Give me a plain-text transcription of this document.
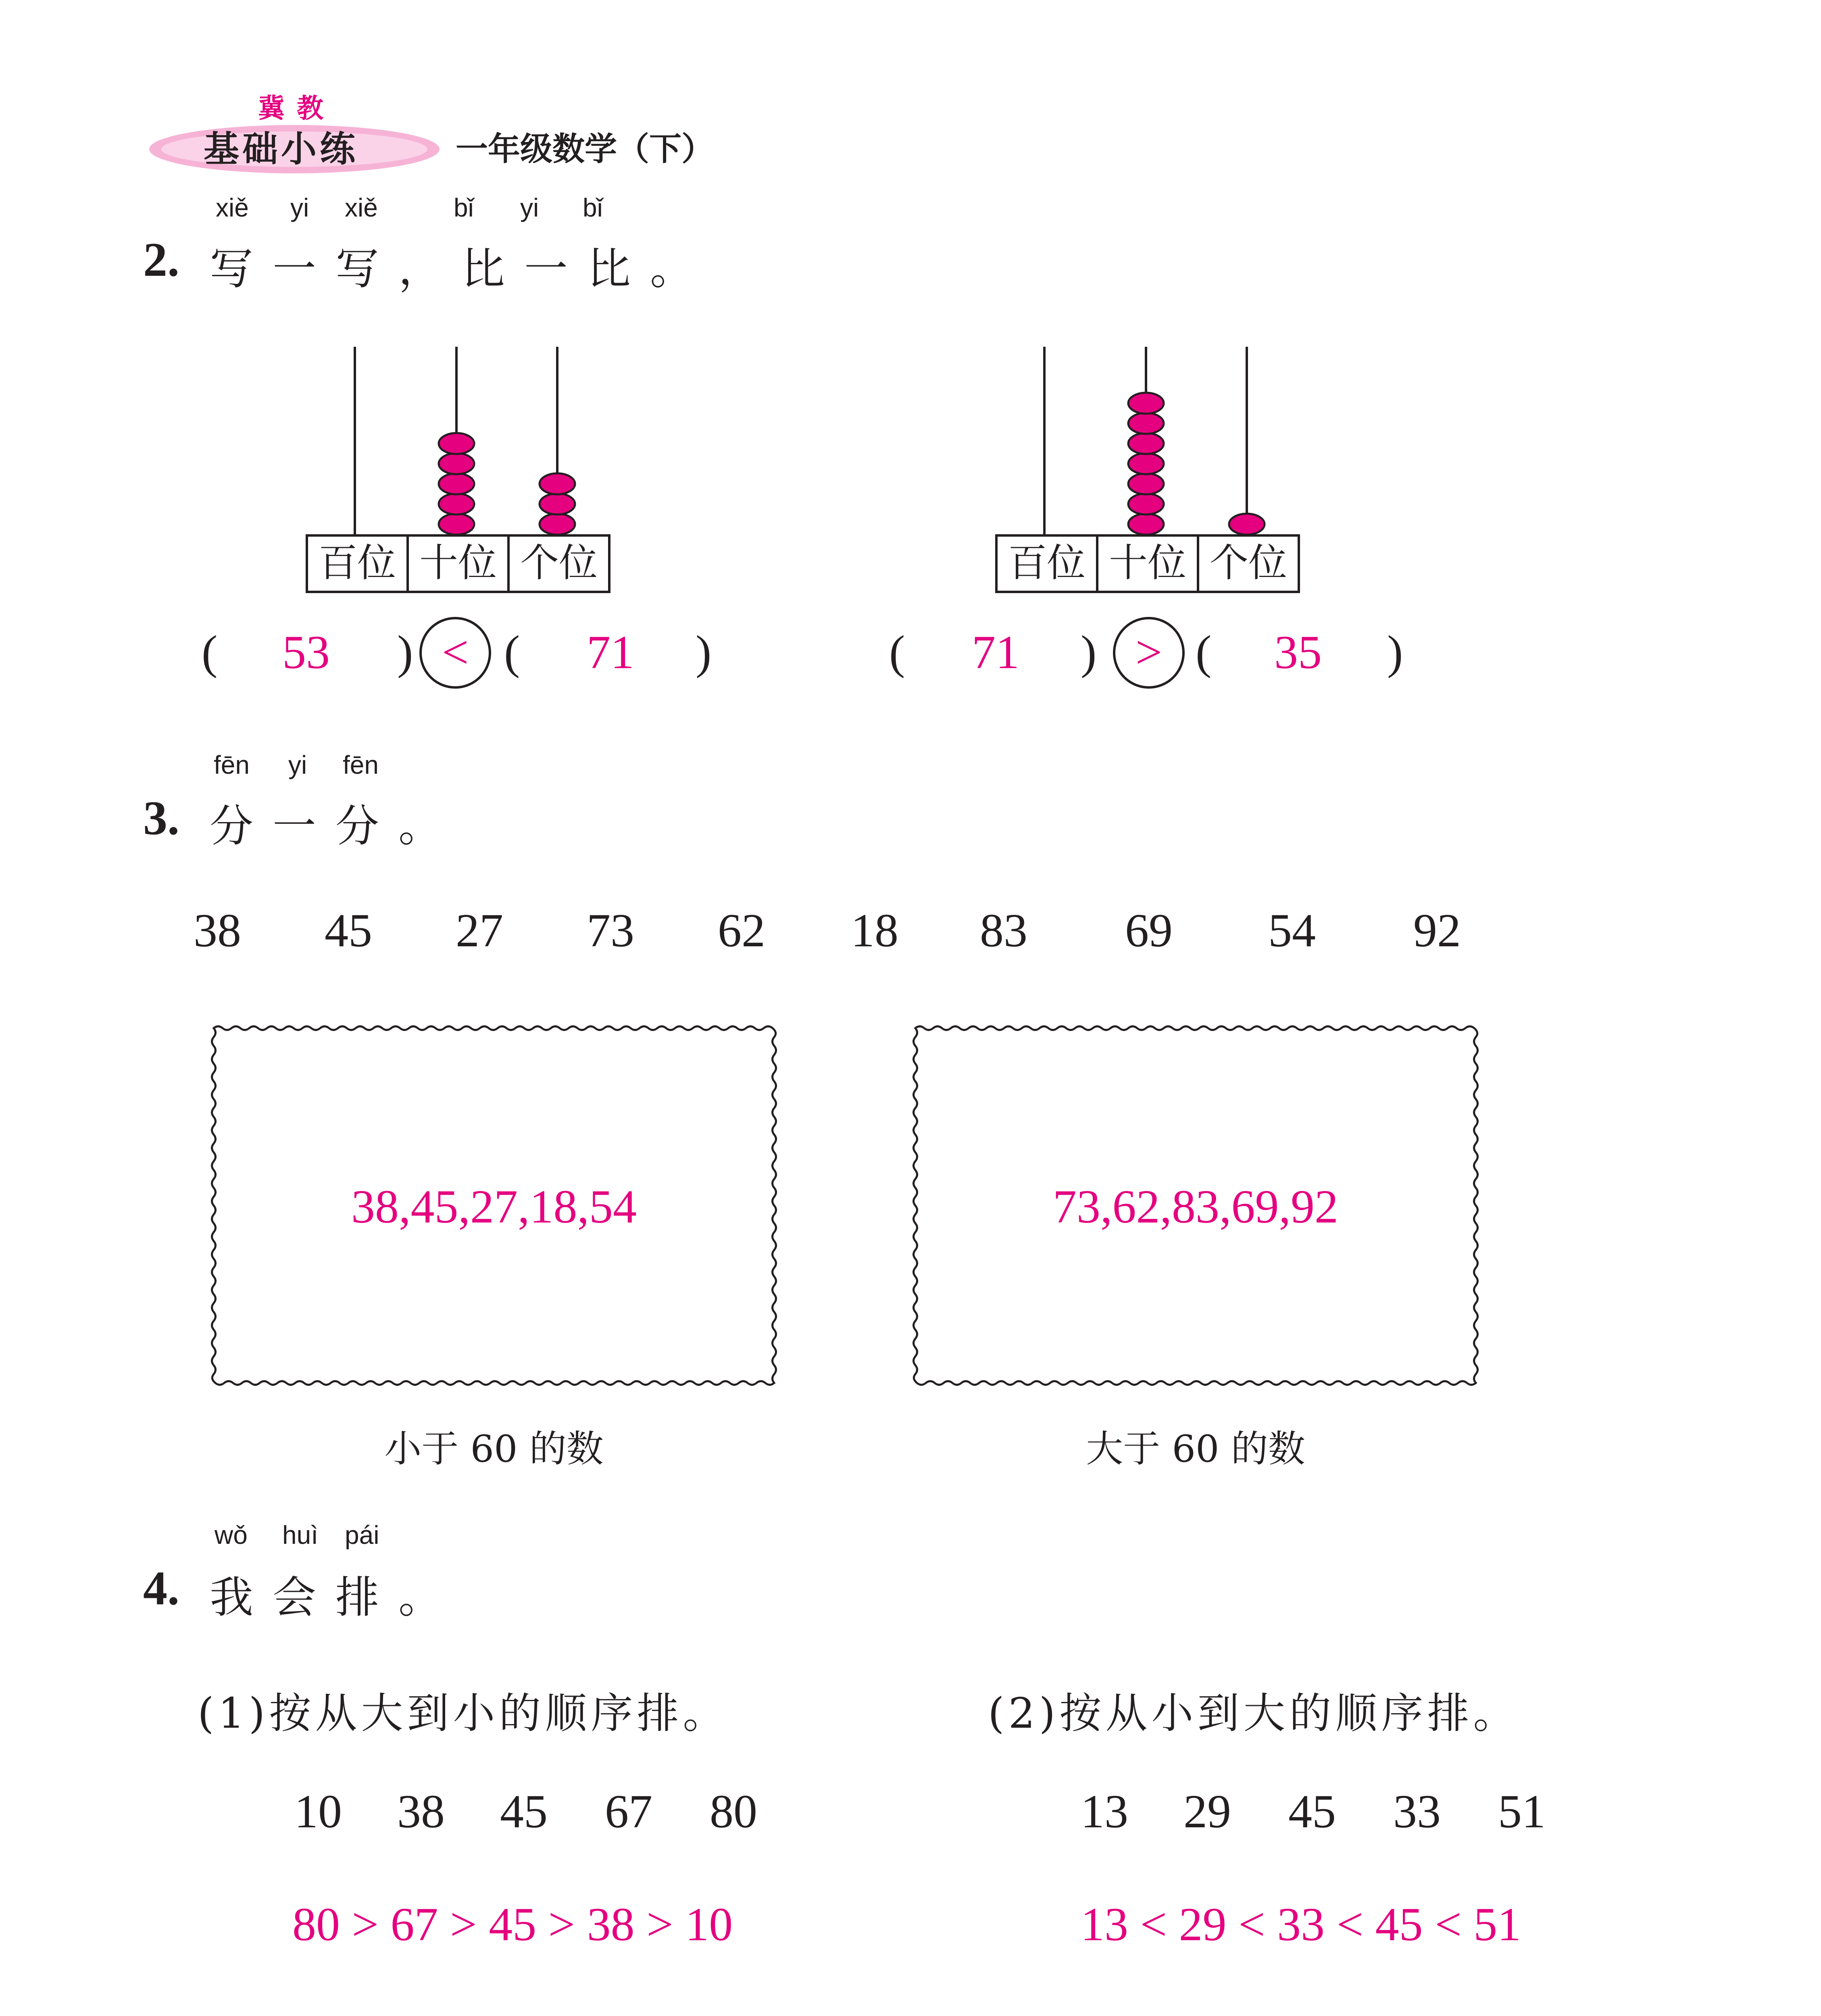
冀教
基础小练	一年级数学（下）
xiě yi xiě	bǐ yi bǐ
2. 写一写，比一比。
百位 十位 个位	百位 十位 个位
( 53 ) < ( 71 )	( 71 ) > ( 35 )
fēn yi fēn
3. 分一分。
38 45 27 73 62 18 83 69 54 92
38,45,27,18,54	73,62,83,69,92
小于 60 的数	大于 60 的数
wǒ huì pái
4. 我会排。
(1)按从大到小的顺序排。	(2)按从小到大的顺序排。
10 38 45 67 80	13 29 45 33 51
80 > 67 > 45 > 38 > 10	13 < 29 < 33 < 45 < 51
